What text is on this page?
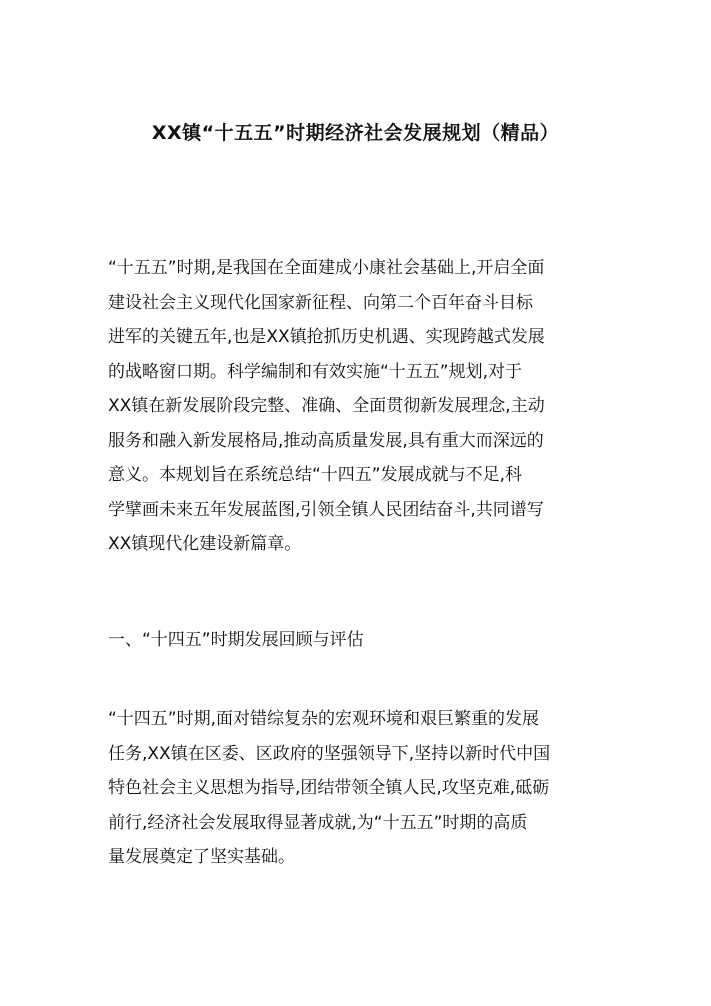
XX镇“十五五”时期经济社会发展规划（精品）
“十五五”时期,是我国在全面建成小康社会基础上,开启全面
建设社会主义现代化国家新征程、向第二个百年奋斗目标
进军的关键五年,也是XX镇抢抓历史机遇、实现跨越式发展
的战略窗口期。科学编制和有效实施“十五五”规划,对于
XX镇在新发展阶段完整、准确、全面贯彻新发展理念,主动
服务和融入新发展格局,推动高质量发展,具有重大而深远的
意义。本规划旨在系统总结“十四五”发展成就与不足,科
学擘画未来五年发展蓝图,引领全镇人民团结奋斗,共同谱写
XX镇现代化建设新篇章。
一、“十四五”时期发展回顾与评估
“十四五”时期,面对错综复杂的宏观环境和艰巨繁重的发展
任务,XX镇在区委、区政府的坚强领导下,坚持以新时代中国
特色社会主义思想为指导,团结带领全镇人民,攻坚克难,砥砺
前行,经济社会发展取得显著成就,为“十五五”时期的高质
量发展奠定了坚实基础。
